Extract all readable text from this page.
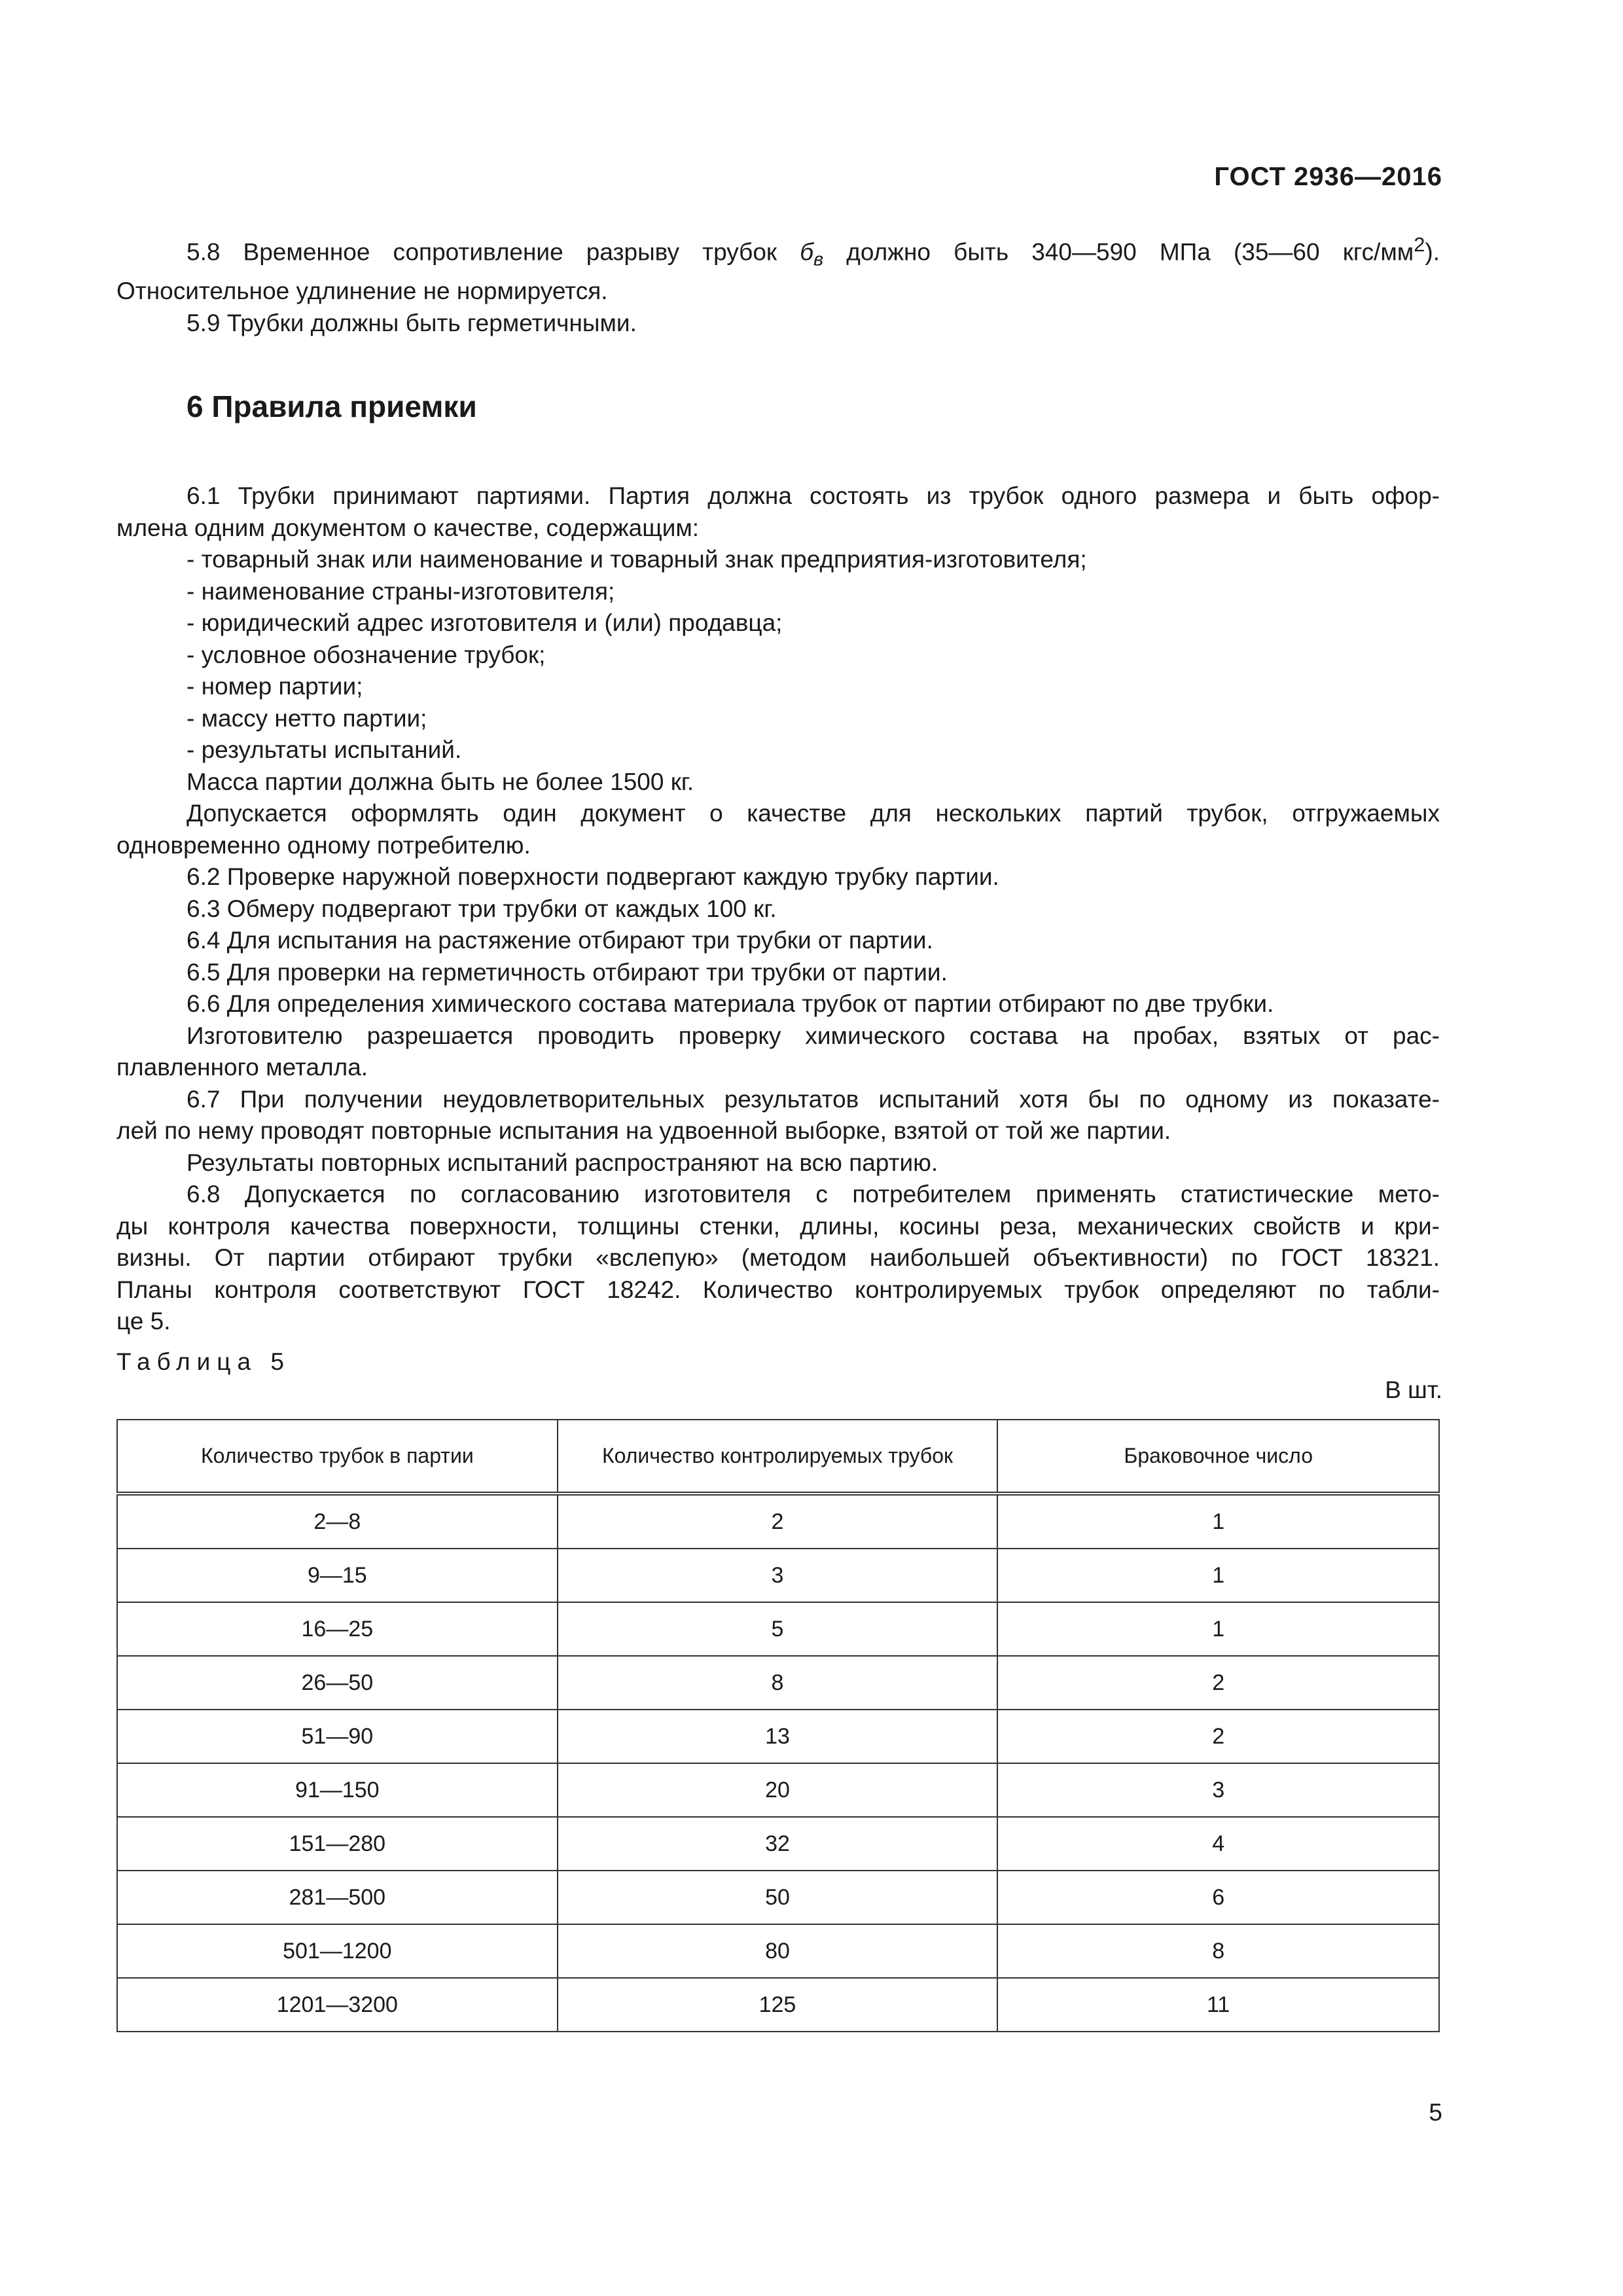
ГОСТ 2936—2016

5.8 Временное сопротивление разрыву трубок $б_в$ должно быть 340—590 МПа (35—60 кгс/$мм^2$).

Относительное удлинение не нормируется.

5.9 Трубки должны быть герметичными.

6 Правила приемки

6.1 Трубки принимают партиями. Партия должна состоять из трубок одного размера и быть офор-

млена одним документом о качестве, содержащим:

- товарный знак или наименование и товарный знак предприятия-изготовителя;

- наименование страны-изготовителя;

- юридический адрес изготовителя и (или) продавца;

- условное обозначение трубок;

- номер партии;

- массу нетто партии;

- результаты испытаний.

Масса партии должна быть не более 1500 кг.

Допускается оформлять один документ о качестве для нескольких партий трубок, отгружаемых

одновременно одному потребителю.

6.2 Проверке наружной поверхности подвергают каждую трубку партии.

6.3 Обмеру подвергают три трубки от каждых 100 кг.

6.4 Для испытания на растяжение отбирают три трубки от партии.

6.5 Для проверки на герметичность отбирают три трубки от партии.

6.6 Для определения химического состава материала трубок от партии отбирают по две трубки.

Изготовителю разрешается проводить проверку химического состава на пробах, взятых от рас-

плавленного металла.

6.7 При получении неудовлетворительных результатов испытаний хотя бы по одному из показате-

лей по нему проводят повторные испытания на удвоенной выборке, взятой от той же партии.

Результаты повторных испытаний распространяют на всю партию.

6.8 Допускается по согласованию изготовителя с потребителем применять статистические мето-

ды контроля качества поверхности, толщины стенки, длины, косины реза, механических свойств и кри-

визны. От партии отбирают трубки «вслепую» (методом наибольшей объективности) по ГОСТ 18321.

Планы контроля соответствуют ГОСТ 18242. Количество контролируемых трубок определяют по табли-

це 5.

Таблица 5
В шт.
Количество трубок в партии	Количество контролируемых трубок	Браковочное число
2—8	2	1
9—15	3	1
16—25	5	1
26—50	8	2
51—90	13	2
91—150	20	3
151—280	32	4
281—500	50	6
501—1200	80	8
1201—3200	125	11
5
